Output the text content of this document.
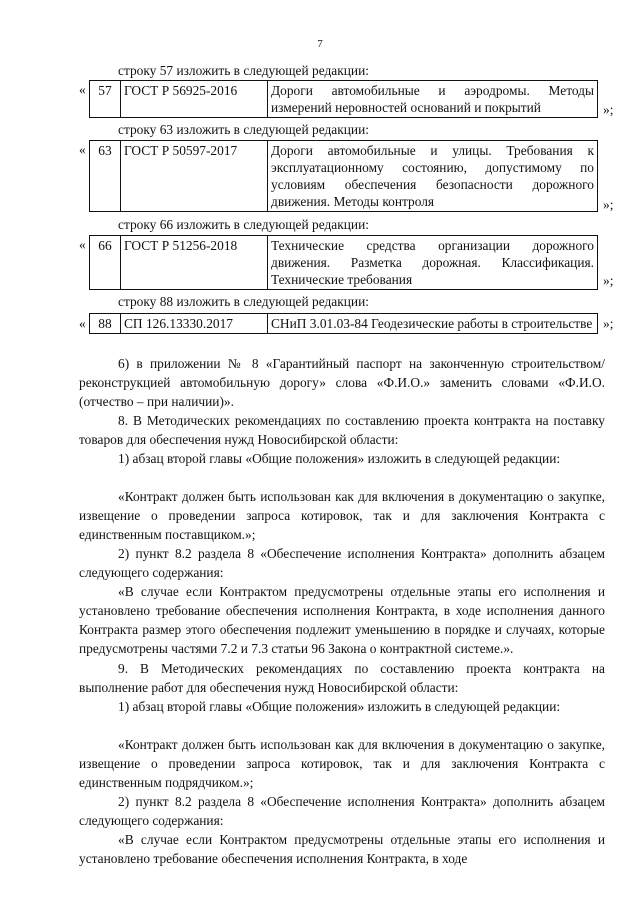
7
строку 57 изложить в следующей редакции:
« 57	ГОСТ Р 56925-2016	Дороги автомобильные и аэродромы. Методы измерений неровностей оснований и покрытий	»;
строку 63 изложить в следующей редакции:
« 63	ГОСТ Р 50597-2017	Дороги автомобильные и улицы. Требования к эксплуатационному состоянию, допустимому по условиям обеспечения безопасности дорожного движения. Методы контроля	»;
строку 66 изложить в следующей редакции:
« 66	ГОСТ Р 51256-2018	Технические средства организации дорожного движения. Разметка дорожная. Классификация. Технические требования	»;
строку 88 изложить в следующей редакции:
« 88	СП 126.13330.2017	СНиП 3.01.03-84 Геодезические работы в строительстве »;

6) в приложении № 8 «Гарантийный паспорт на законченную строительством/реконструкцией автомобильную дорогу» слова «Ф.И.О.» заменить словами «Ф.И.О. (отчество – при наличии)».

8. В Методических рекомендациях по составлению проекта контракта на поставку товаров для обеспечения нужд Новосибирской области:

1) абзац второй главы «Общие положения» изложить в следующей редакции:

«Контракт должен быть использован как для включения в документацию о закупке, извещение о проведении запроса котировок, так и для заключения Контракта с единственным поставщиком.»;

2) пункт 8.2 раздела 8 «Обеспечение исполнения Контракта» дополнить абзацем следующего содержания:

«В случае если Контрактом предусмотрены отдельные этапы его исполнения и установлено требование обеспечения исполнения Контракта, в ходе исполнения данного Контракта размер этого обеспечения подлежит уменьшению в порядке и случаях, которые предусмотрены частями 7.2 и 7.3 статьи 96 Закона о контрактной системе.».

9. В Методических рекомендациях по составлению проекта контракта на выполнение работ для обеспечения нужд Новосибирской области:

1) абзац второй главы «Общие положения» изложить в следующей редакции:

«Контракт должен быть использован как для включения в документацию о закупке, извещение о проведении запроса котировок, так и для заключения Контракта с единственным подрядчиком.»;

2) пункт 8.2 раздела 8 «Обеспечение исполнения Контракта» дополнить абзацем следующего содержания:

«В случае если Контрактом предусмотрены отдельные этапы его исполнения и установлено требование обеспечения исполнения Контракта, в ходе
